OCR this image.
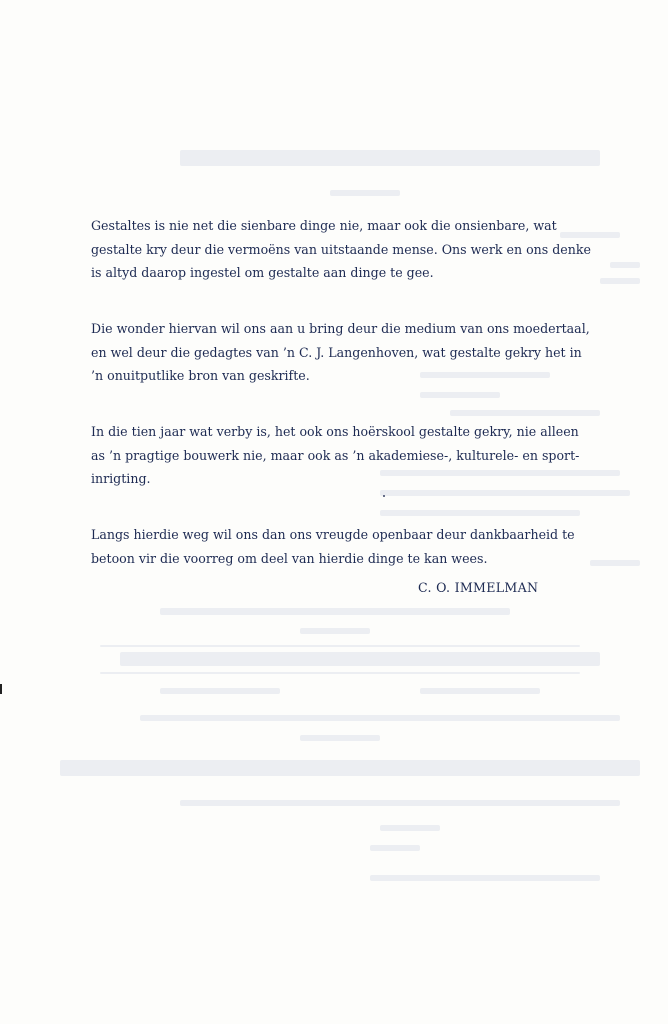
Gestaltes is nie net die sienbare dinge nie, maar ook die onsienbare, wat
gestalte kry deur die vermoëns van uitstaande mense. Ons werk en ons denke
is altyd daarop ingestel om gestalte aan dinge te gee.
Die wonder hiervan wil ons aan u bring deur die medium van ons moedertaal,
en wel deur die gedagtes van ’n C. J. Langenhoven, wat gestalte gekry het in
’n onuitputlike bron van geskrifte.
In die tien jaar wat verby is, het ook ons hoërskool gestalte gekry, nie alleen
as ’n pragtige bouwerk nie, maar ook as ’n akademiese-, kulturele- en sport-
inrigting.
Langs hierdie weg wil ons dan ons vreugde openbaar deur dankbaarheid te
betoon vir die voorreg om deel van hierdie dinge te kan wees.
C. O. IMMELMAN
